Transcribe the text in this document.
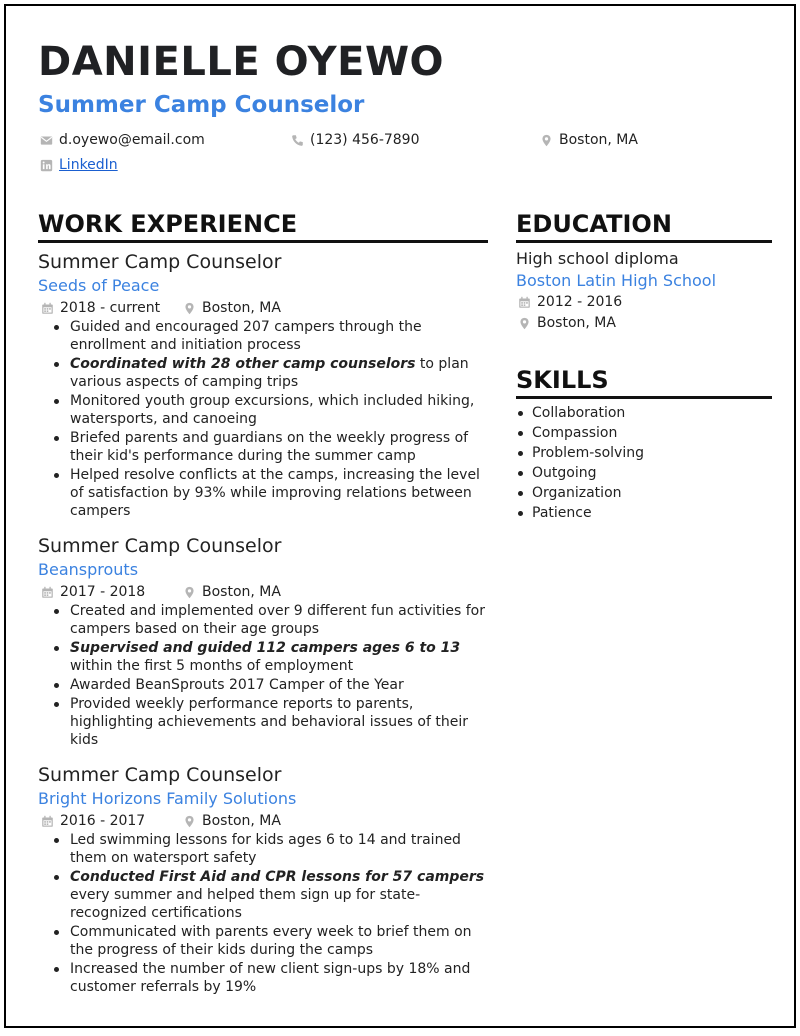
DANIELLE OYEWO
Summer Camp Counselor
d.oyewo@email.com	(123) 456-7890	Boston, MA
LinkedIn
WORK EXPERIENCE
Summer Camp Counselor
Seeds of Peace
2018 - current	Boston, MA
Guided and encouraged 207 campers through the enrollment and initiation process
Coordinated with 28 other camp counselors to plan various aspects of camping trips
Monitored youth group excursions, which included hiking, watersports, and canoeing
Briefed parents and guardians on the weekly progress of their kid's performance during the summer camp
Helped resolve conflicts at the camps, increasing the level of satisfaction by 93% while improving relations between campers
Summer Camp Counselor
Beansprouts
2017 - 2018	Boston, MA
Created and implemented over 9 different fun activities for campers based on their age groups
Supervised and guided 112 campers ages 6 to 13 within the first 5 months of employment
Awarded BeanSprouts 2017 Camper of the Year
Provided weekly performance reports to parents, highlighting achievements and behavioral issues of their kids
Summer Camp Counselor
Bright Horizons Family Solutions
2016 - 2017	Boston, MA
Led swimming lessons for kids ages 6 to 14 and trained them on watersport safety
Conducted First Aid and CPR lessons for 57 campers every summer and helped them sign up for state-recognized certifications
Communicated with parents every week to brief them on the progress of their kids during the camps
Increased the number of new client sign-ups by 18% and customer referrals by 19%
EDUCATION
High school diploma
Boston Latin High School
2012 - 2016
Boston, MA
SKILLS
Collaboration
Compassion
Problem-solving
Outgoing
Organization
Patience
